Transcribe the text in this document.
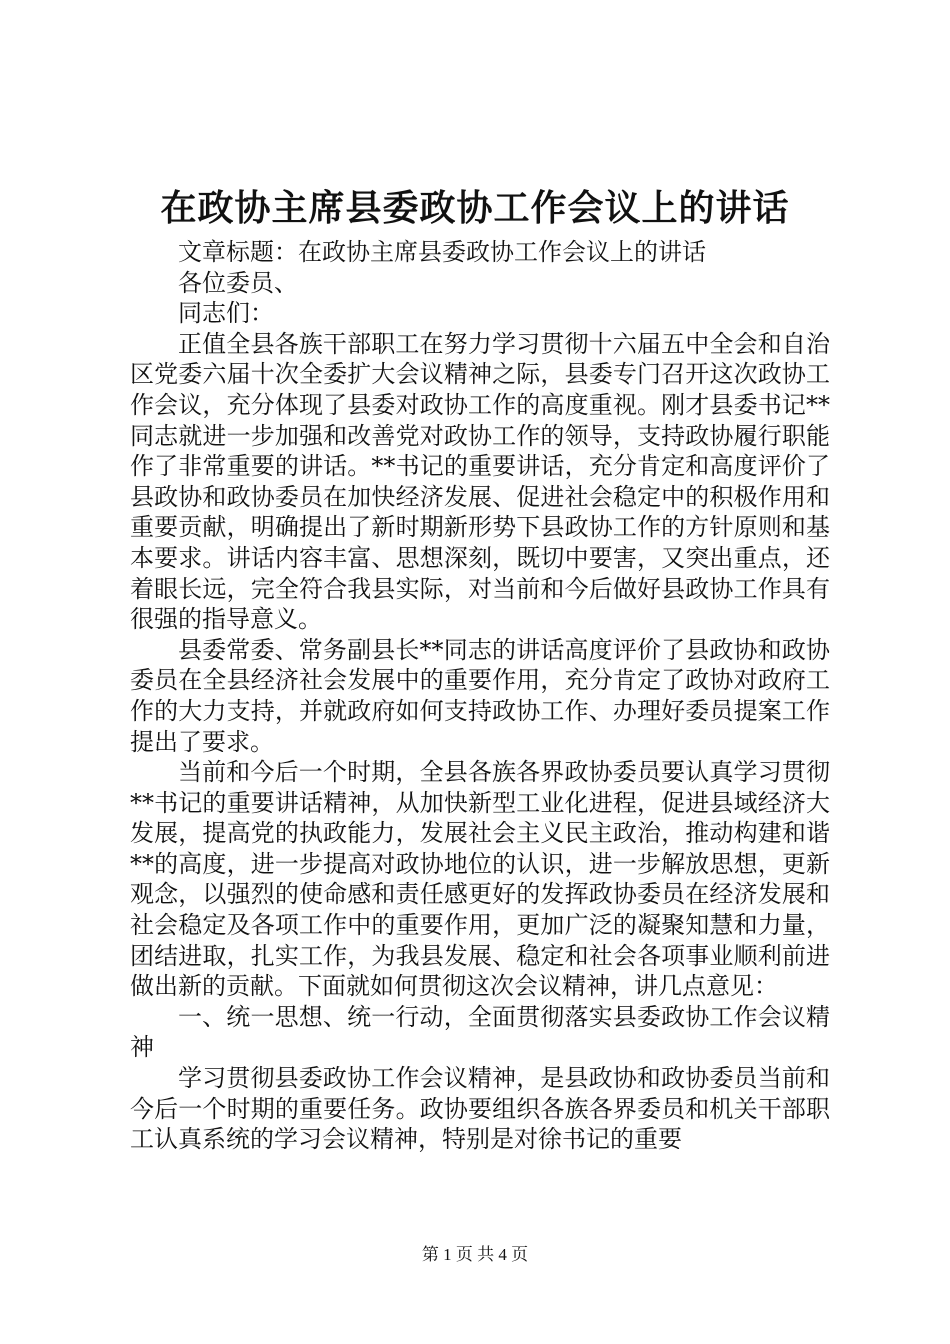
在政协主席县委政协工作会议上的讲话

文章标题：在政协主席县委政协工作会议上的讲话

各位委员、

同志们：

正值全县各族干部职工在努力学习贯彻十六届五中全会和自治区党委六届十次全委扩大会议精神之际，县委专门召开这次政协工作会议，充分体现了县委对政协工作的高度重视。刚才县委书记**同志就进一步加强和改善党对政协工作的领导，支持政协履行职能作了非常重要的讲话。**书记的重要讲话，充分肯定和高度评价了县政协和政协委员在加快经济发展、促进社会稳定中的积极作用和重要贡献，明确提出了新时期新形势下县政协工作的方针原则和基本要求。讲话内容丰富、思想深刻，既切中要害，又突出重点，还着眼长远，完全符合我县实际，对当前和今后做好县政协工作具有很强的指导意义。

县委常委、常务副县长**同志的讲话高度评价了县政协和政协委员在全县经济社会发展中的重要作用，充分肯定了政协对政府工作的大力支持，并就政府如何支持政协工作、办理好委员提案工作提出了要求。

当前和今后一个时期，全县各族各界政协委员要认真学习贯彻**书记的重要讲话精神，从加快新型工业化进程，促进县域经济大发展，提高党的执政能力，发展社会主义民主政治，推动构建和谐**的高度，进一步提高对政协地位的认识，进一步解放思想，更新观念，以强烈的使命感和责任感更好的发挥政协委员在经济发展和社会稳定及各项工作中的重要作用，更加广泛的凝聚知慧和力量，团结进取，扎实工作，为我县发展、稳定和社会各项事业顺利前进做出新的贡献。下面就如何贯彻这次会议精神，讲几点意见：

一、统一思想、统一行动，全面贯彻落实县委政协工作会议精神

学习贯彻县委政协工作会议精神，是县政协和政协委员当前和今后一个时期的重要任务。政协要组织各族各界委员和机关干部职工认真系统的学习会议精神，特别是对徐书记的重要

第 1 页 共 4 页
